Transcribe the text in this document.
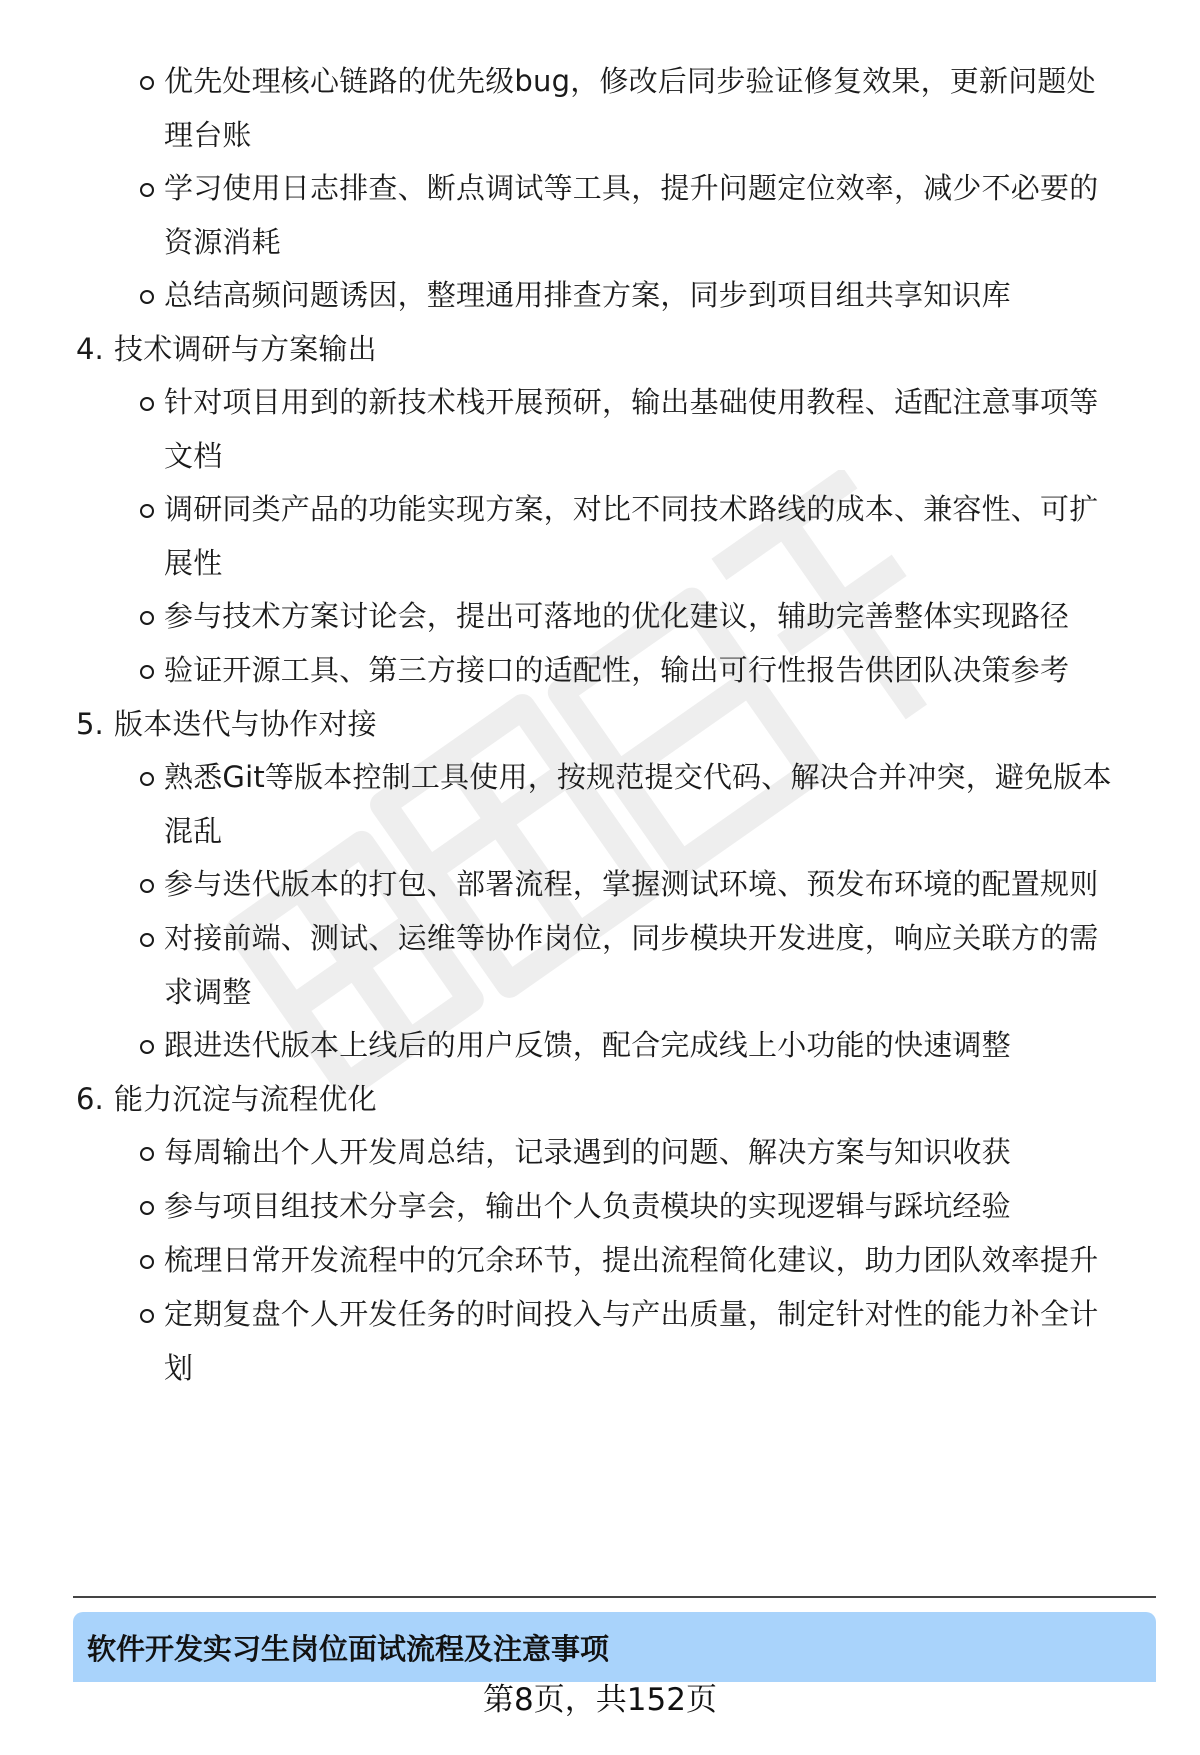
优先处理核心链路的优先级bug，修改后同步验证修复效果，更新问题处
理台账
学习使用日志排查、断点调试等工具，提升问题定位效率，减少不必要的
资源消耗
总结高频问题诱因，整理通用排查方案，同步到项目组共享知识库
4. 技术调研与方案输出
针对项目用到的新技术栈开展预研，输出基础使用教程、适配注意事项等
文档
调研同类产品的功能实现方案，对比不同技术路线的成本、兼容性、可扩
展性
参与技术方案讨论会，提出可落地的优化建议，辅助完善整体实现路径
验证开源工具、第三方接口的适配性，输出可行性报告供团队决策参考
5. 版本迭代与协作对接
熟悉Git等版本控制工具使用，按规范提交代码、解决合并冲突，避免版本
混乱
参与迭代版本的打包、部署流程，掌握测试环境、预发布环境的配置规则
对接前端、测试、运维等协作岗位，同步模块开发进度，响应关联方的需
求调整
跟进迭代版本上线后的用户反馈，配合完成线上小功能的快速调整
6. 能力沉淀与流程优化
每周输出个人开发周总结，记录遇到的问题、解决方案与知识收获
参与项目组技术分享会，输出个人负责模块的实现逻辑与踩坑经验
梳理日常开发流程中的冗余环节，提出流程简化建议，助力团队效率提升
定期复盘个人开发任务的时间投入与产出质量，制定针对性的能力补全计
划
软件开发实习生岗位面试流程及注意事项
第8页，共152页
